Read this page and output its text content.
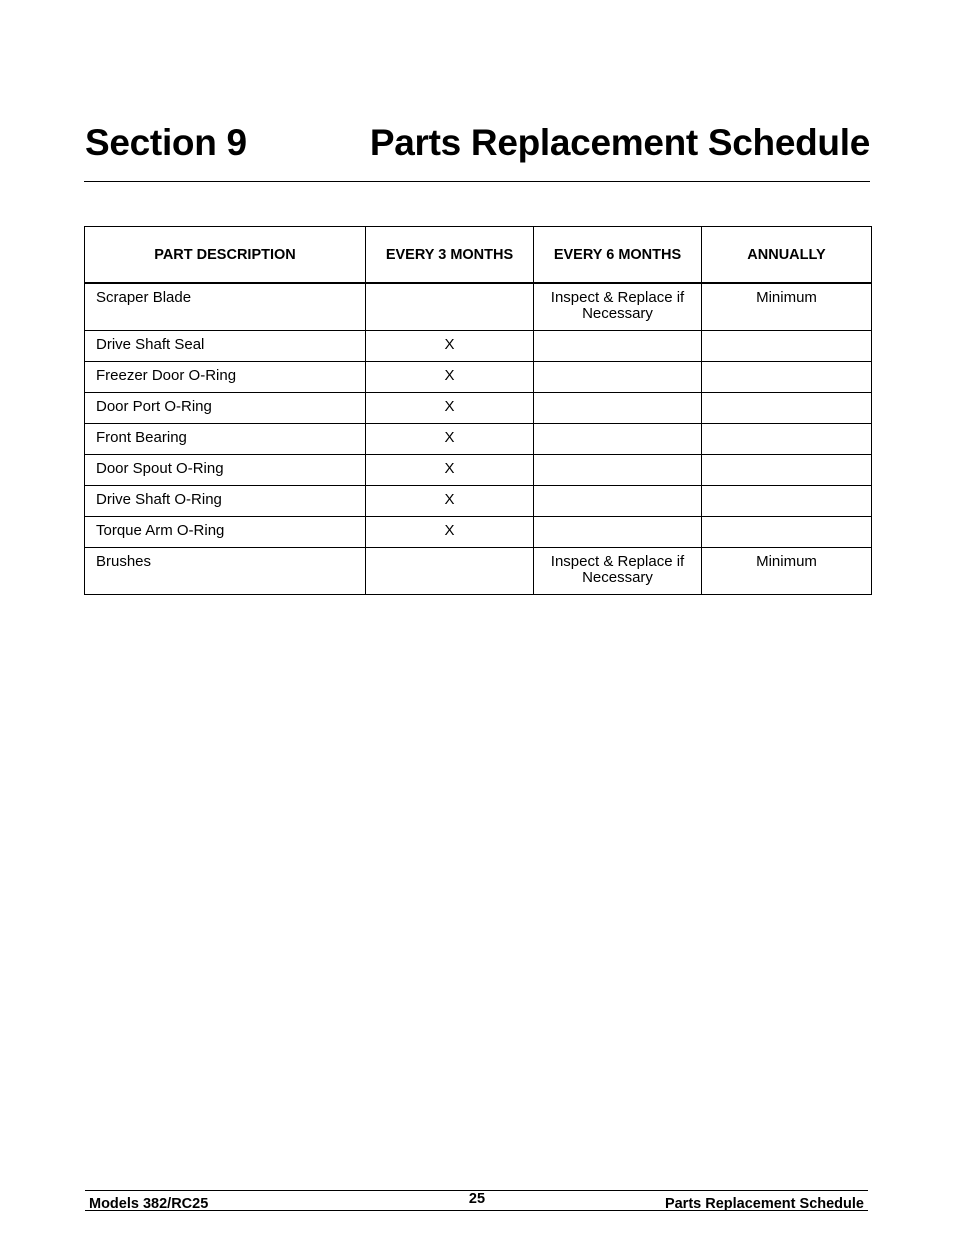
Section 9	Parts Replacement Schedule
PART DESCRIPTION	EVERY 3 MONTHS	EVERY 6 MONTHS	ANNUALLY
Scraper Blade		Inspect & Replace if Necessary	Minimum
Drive Shaft Seal	X		
Freezer Door O-Ring	X		
Door Port O-Ring	X		
Front Bearing	X		
Door Spout O-Ring	X		
Drive Shaft O-Ring	X		
Torque Arm O-Ring	X		
Brushes		Inspect & Replace if Necessary	Minimum
Models 382/RC25	25	Parts Replacement Schedule
